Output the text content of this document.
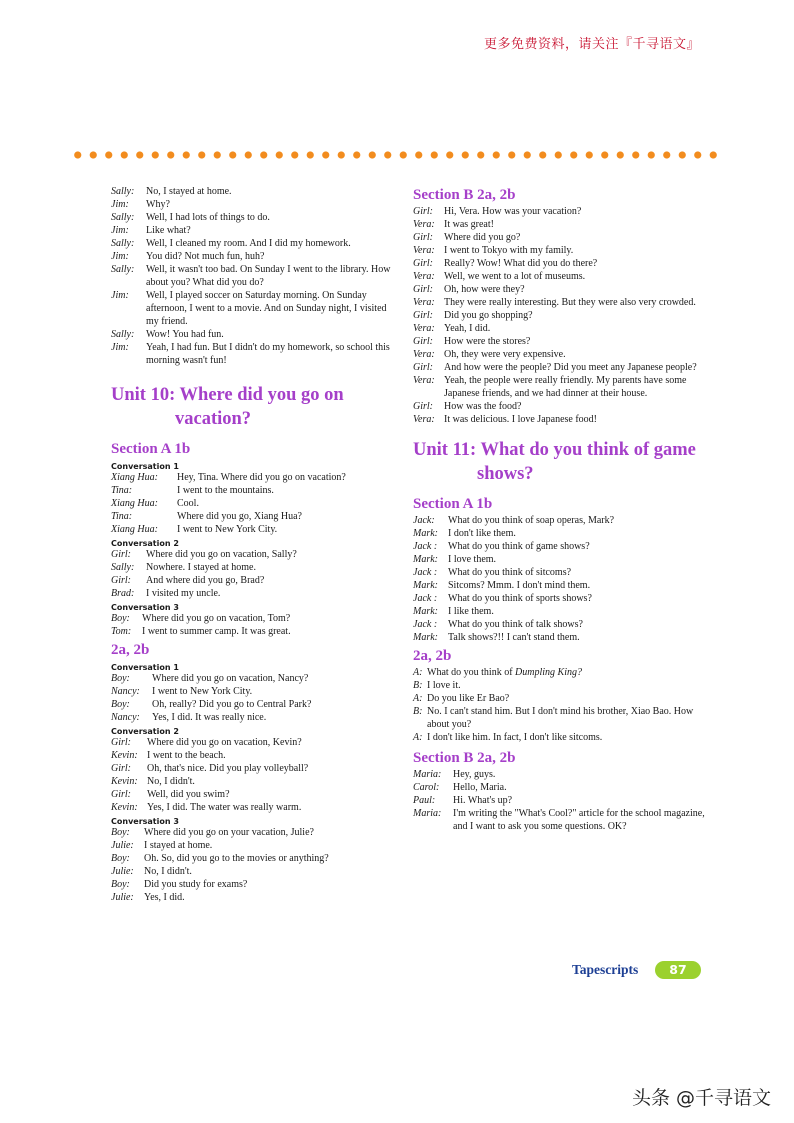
更多免费资料，请关注『千寻语文』
Sally:	No, I stayed at home.
Jim:	Why?
Sally:	Well, I had lots of things to do.
Jim:	Like what?
Sally:	Well, I cleaned my room. And I did my homework.
Jim:	You did? Not much fun, huh?
Sally:	Well, it wasn't too bad. On Sunday I went to the library. How about you? What did you do?
Jim:	Well, I played soccer on Saturday morning. On Sunday afternoon, I went to a movie. And on Sunday night, I visited my friend.
Sally:	Wow! You had fun.
Jim:	Yeah, I had fun. But I didn't do my homework, so school this morning wasn't fun!
Unit 10: Where did you go on
vacation?
Section A 1b
Conversation 1
Xiang Hua:	Hey, Tina. Where did you go on vacation?
Tina:	I went to the mountains.
Xiang Hua:	Cool.
Tina:	Where did you go, Xiang Hua?
Xiang Hua:	I went to New York City.
Conversation 2
Girl:	Where did you go on vacation, Sally?
Sally:	Nowhere. I stayed at home.
Girl:	And where did you go, Brad?
Brad:	I visited my uncle.
Conversation 3
Boy:	Where did you go on vacation, Tom?
Tom:	I went to summer camp. It was great.
2a, 2b
Conversation 1
Boy:	Where did you go on vacation, Nancy?
Nancy:	I went to New York City.
Boy:	Oh, really? Did you go to Central Park?
Nancy:	Yes, I did. It was really nice.
Conversation 2
Girl:	Where did you go on vacation, Kevin?
Kevin: I went to the beach.
Girl:	Oh, that's nice. Did you play volleyball?
Kevin: No, I didn't.
Girl:	Well, did you swim?
Kevin: Yes, I did. The water was really warm.
Conversation 3
Boy:	Where did you go on your vacation, Julie?
Julie:	I stayed at home.
Boy:	Oh. So, did you go to the movies or anything?
Julie:	No, I didn't.
Boy:	Did you study for exams?
Julie:	Yes, I did.
Section B 2a, 2b
Girl:	Hi, Vera. How was your vacation?
Vera: It was great!
Girl:	Where did you go?
Vera: I went to Tokyo with my family.
Girl:	Really? Wow! What did you do there?
Vera: Well, we went to a lot of museums.
Girl:	Oh, how were they?
Vera: They were really interesting. But they were also very crowded.
Girl:	Did you go shopping?
Vera: Yeah, I did.
Girl:	How were the stores?
Vera: Oh, they were very expensive.
Girl:	And how were the people? Did you meet any Japanese people?
Vera: Yeah, the people were really friendly. My parents have some Japanese friends, and we had dinner at their house.
Girl:	How was the food?
Vera: It was delicious. I love Japanese food!
Unit 11: What do you think of game
shows?
Section A 1b
Jack:	What do you think of soap operas, Mark?
Mark:	I don't like them.
Jack :	What do you think of game shows?
Mark:	I love them.
Jack :	What do you think of sitcoms?
Mark:	Sitcoms? Mmm. I don't mind them.
Jack :	What do you think of sports shows?
Mark:	I like them.
Jack :	What do you think of talk shows?
Mark:	Talk shows?!! I can't stand them.
2a, 2b
A: What do you think of Dumpling King?
B: I love it.
A: Do you like Er Bao?
B: No. I can't stand him. But I don't mind his brother, Xiao Bao. How about you?
A: I don't like him. In fact, I don't like sitcoms.
Section B 2a, 2b
Maria:	Hey, guys.
Carol:	Hello, Maria.
Paul:	Hi. What's up?
Maria:	I'm writing the "What's Cool?" article for the school magazine, and I want to ask you some questions. OK?
Tapescripts	87
头条 @千寻语文
